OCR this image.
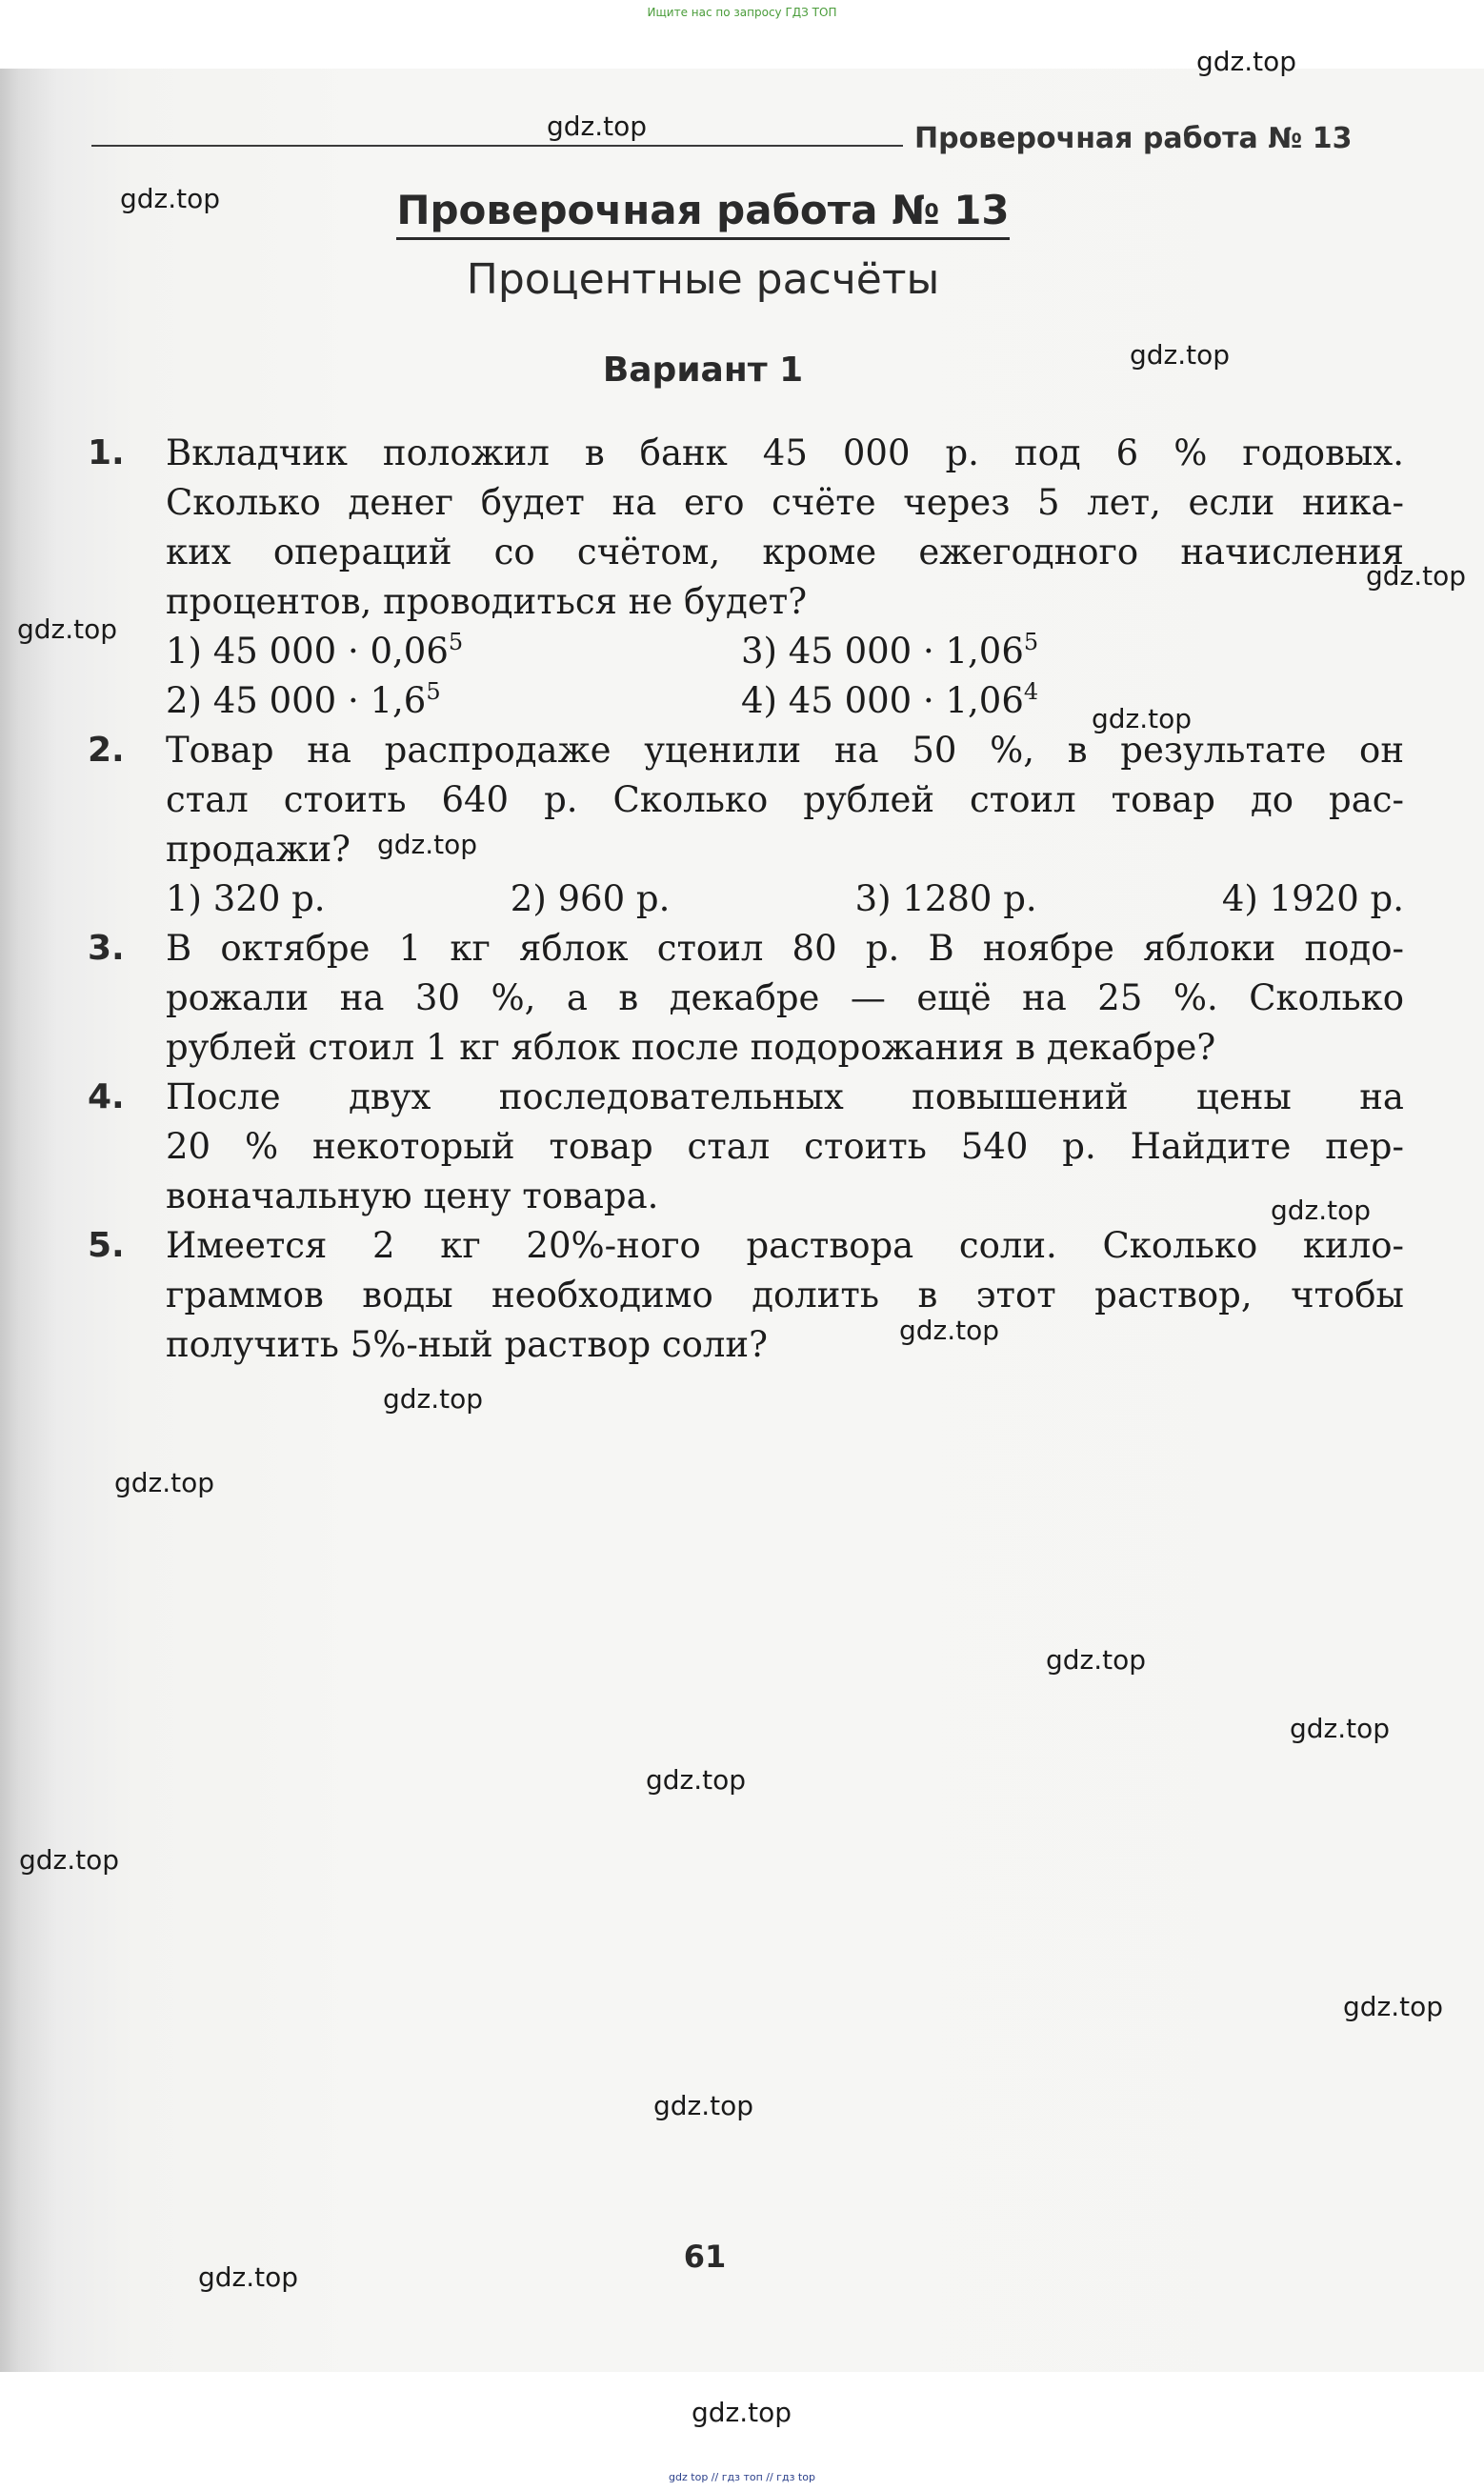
Ищите нас по запросу ГДЗ ТОП
Проверочная работа № 13
Проверочная работа № 13
Процентные расчёты
Вариант 1
1. Вкладчик положил в банк 45 000 р. под 6 % годовых.
Сколько денег будет на его счёте через 5 лет, если ника-
ких операций со счётом, кроме ежегодного начисления
процентов, проводиться не будет?
1) 45 $000 \cdot 0,06^5$	3) 45 $000 \cdot 1,06^5$
2) 45 $000 \cdot 1,6^5$	4) 45 $000 \cdot 1,06^4$
2. Товар на распродаже уценили на 50 %, в результате он
стал стоить 640 р. Сколько рублей стоил товар до рас-
продажи?
1) 320 р.	2) 960 р.	3) 1280 р.	4) 1920 р.
3. В октябре 1 кг яблок стоил 80 р. В ноябре яблоки подо-
рожали на 30 %, а в декабре — ещё на 25 %. Сколько
рублей стоил 1 кг яблок после подорожания в декабре?
4. После двух последовательных повышений цены на
20 % некоторый товар стал стоить 540 р. Найдите пер-
воначальную цену товара.
5. Имеется 2 кг 20%-ного раствора соли. Сколько кило-
граммов воды необходимо долить в этот раствор, чтобы
получить 5%-ный раствор соли?
61
gdz.top
gdz.top
gdz.top
gdz.top
gdz.top
gdz.top
gdz.top
gdz.top
gdz.top
gdz.top
gdz.top
gdz.top
gdz.top
gdz.top
gdz.top
gdz.top
gdz.top
gdz.top
gdz.top
gdz.top
gdz top // гдз топ // гдз top
